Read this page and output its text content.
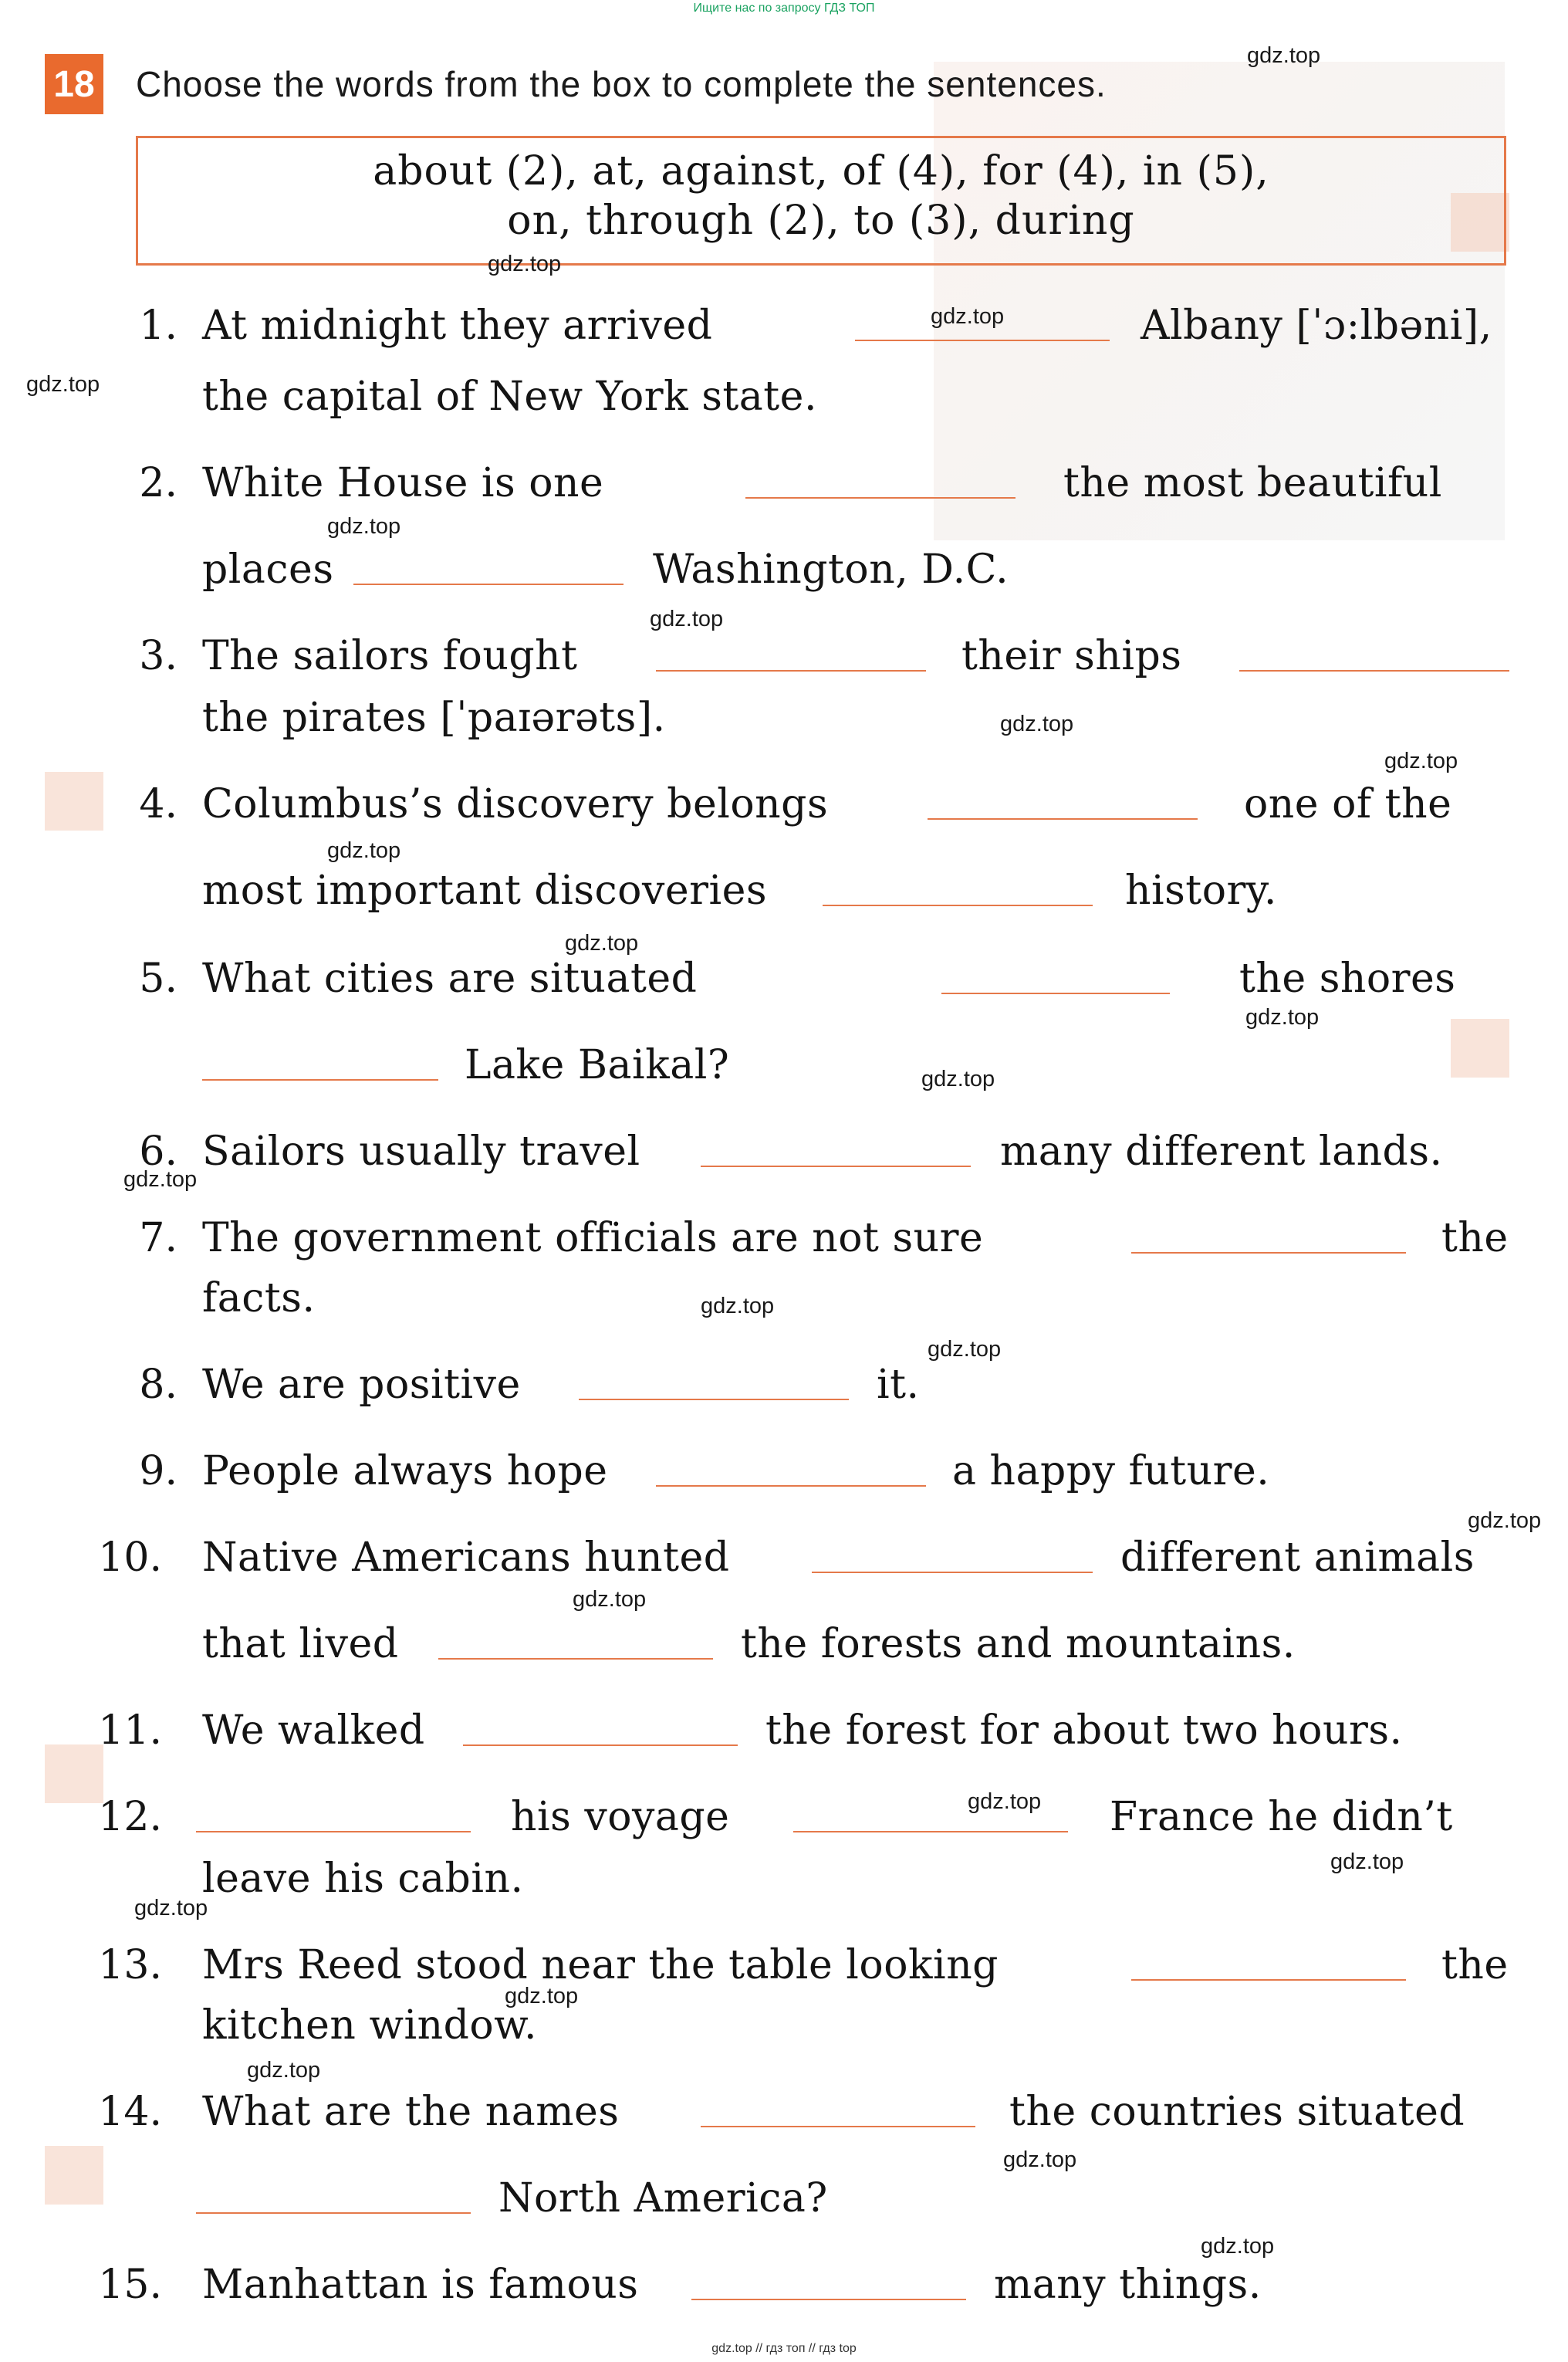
Ищите нас по запросу ГДЗ ТОП
18 Choose the words from the box to complete the sentences.
about (2), at, against, of (4), for (4), in (5),
on, through (2), to (3), during
1. At midnight they arrived	Albany [ˈɔ:lbəni],
the capital of New York state.
2. White House is one	the most beautiful
places	Washington, D.C.
3. The sailors fought	their ships
the pirates [ˈpaɪərəts].
4. Columbus’s discovery belongs	one of the
most important discoveries	history.
5. What cities are situated	the shores
Lake Baikal?
6. Sailors usually travel	many different lands.
7. The government officials are not sure	the
facts.
8. We are positive	it.
9. People always hope	a happy future.
10. Native Americans hunted	different animals
that lived	the forests and mountains.
11. We walked	the forest for about two hours.
12.	his voyage	France he didn’t
leave his cabin.
13. Mrs Reed stood near the table looking	the
kitchen window.
14. What are the names	the countries situated
North America?
15. Manhattan is famous	many things.
gdz.top
gdz.top
gdz.top
gdz.top
gdz.top
gdz.top
gdz.top
gdz.top
gdz.top
gdz.top
gdz.top
gdz.top
gdz.top
gdz.top
gdz.top
gdz.top
gdz.top
gdz.top
gdz.top
gdz.top
gdz.top
gdz.top
gdz.top
gdz.top
gdz.top // гдз топ // гдз top
